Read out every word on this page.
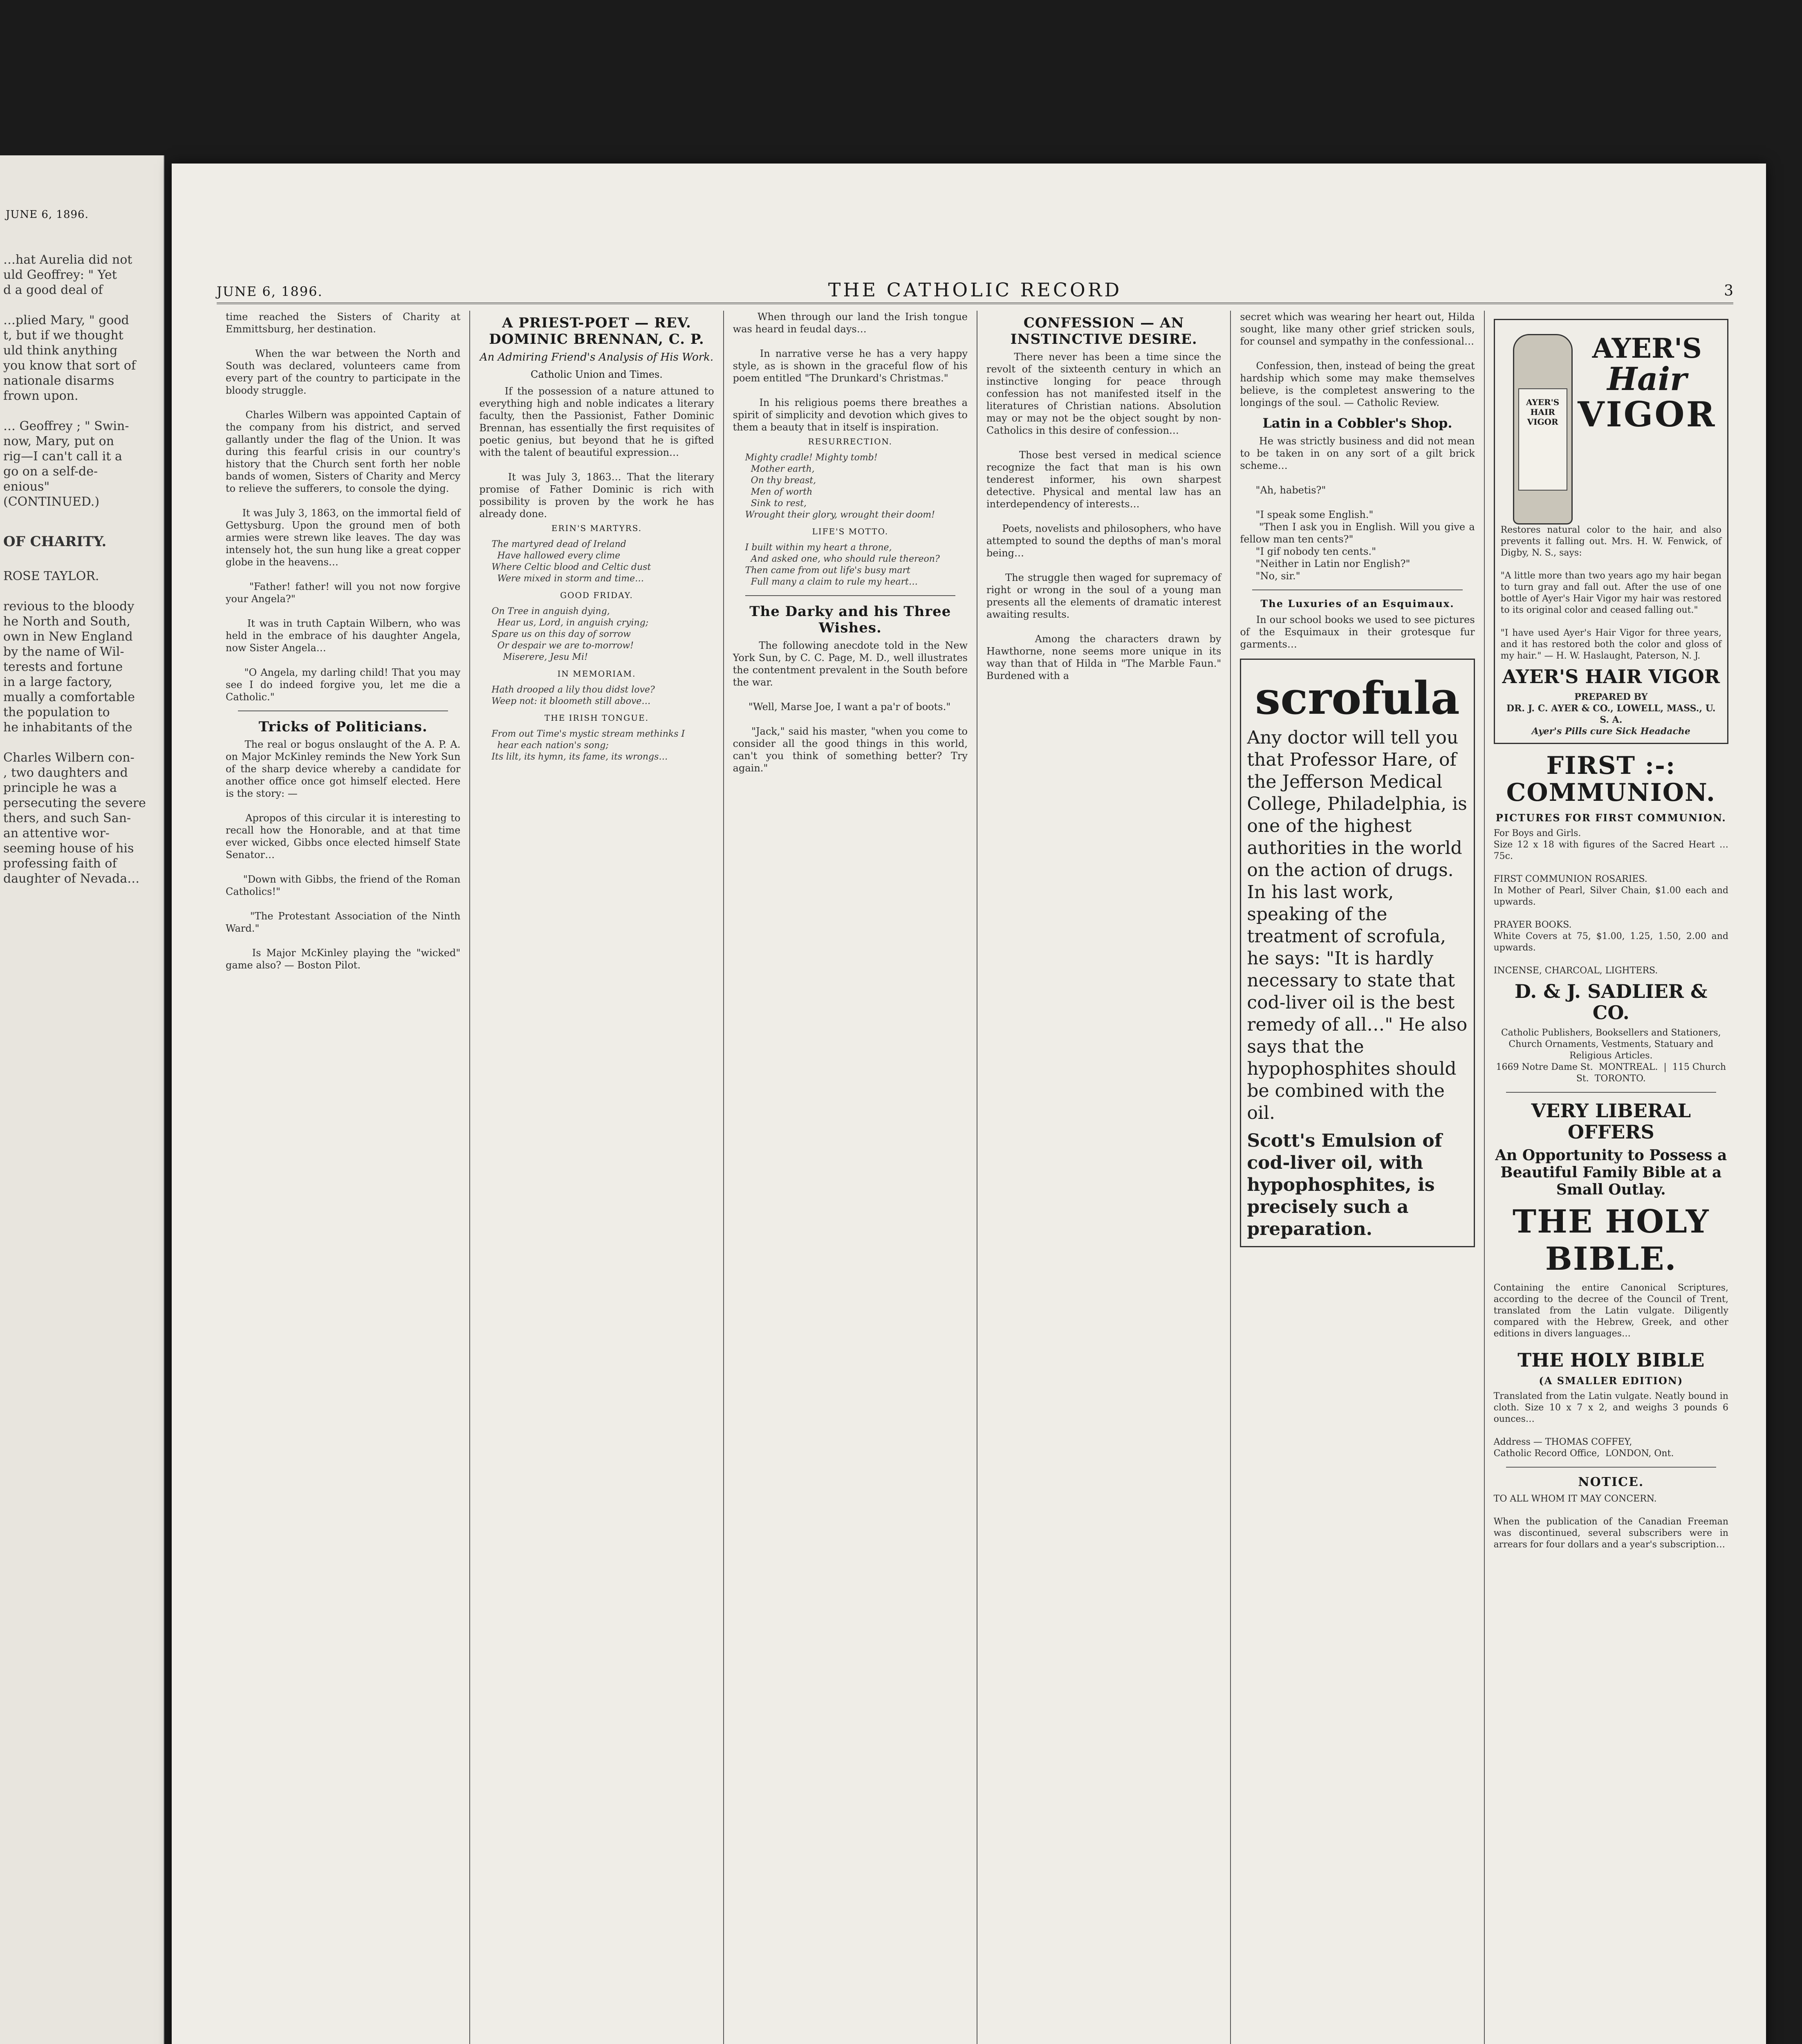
JUNE 6, 1896.

…hat Aurelia did not
uld Geoffrey: " Yet
d a good deal of

…plied Mary, " good
t, but if we thought
uld think anything
you know that sort of
nationale disarms
frown upon.

… Geoffrey ; " Swin-
now, Mary, put on
rig—I can't call it a
go on a self-de-
enious"
(CONTINUED.)

OF CHARITY.

ROSE TAYLOR.

revious to the bloody
he North and South,
own in New England
by the name of Wil-
terests and fortune
in a large factory,
mually a comfortable
the population to
he inhabitants of the

Charles Wilbern con-
, two daughters and
principle he was a
persecuting the severe
thers, and such San-
an attentive wor-
seeming house of his
professing faith of
daughter of Nevada…

JUNE 6, 1896.	THE CATHOLIC RECORD	3
time reached the Sisters of Charity at Emmittsburg, her destination.

When the war between the North and South was declared, volunteers came from every part of the country to participate in the bloody struggle.

Charles Wilbern was appointed Captain of the company from his district, and served gallantly under the flag of the Union. It was during this fearful crisis in our country's history that the Church sent forth her noble bands of women, Sisters of Charity and Mercy to relieve the sufferers, to console the dying.

It was July 3, 1863, on the immortal field of Gettysburg. Upon the ground men of both armies were strewn like leaves. The day was intensely hot, the sun hung like a great copper globe in the heavens…

"Father! father! will you not now forgive your Angela?"

It was in truth Captain Wilbern, who was held in the embrace of his daughter Angela, now Sister Angela…

"O Angela, my darling child! That you may see I do indeed forgive you, let me die a Catholic."
Tricks of Politicians.
The real or bogus onslaught of the A. P. A. on Major McKinley reminds the New York Sun of the sharp device whereby a candidate for another office once got himself elected. Here is the story: —

Apropos of this circular it is interesting to recall how the Honorable, and at that time ever wicked, Gibbs once elected himself State Senator…

"Down with Gibbs, the friend of the Roman Catholics!"

"The Protestant Association of the Ninth Ward."

Is Major McKinley playing the "wicked" game also? — Boston Pilot.
A PRIEST-POET — REV. DOMINIC BRENNAN, C. P.
An Admiring Friend's Analysis of His Work.
Catholic Union and Times.
If the possession of a nature attuned to everything high and noble indicates a literary faculty, then the Passionist, Father Dominic Brennan, has essentially the first requisites of poetic genius, but beyond that he is gifted with the talent of beautiful expression…

It was July 3, 1863… That the literary promise of Father Dominic is rich with possibility is proven by the work he has already done.
ERIN'S MARTYRS.
The martyred dead of Ireland
Have hallowed every clime
Where Celtic blood and Celtic dust
Were mixed in storm and time…
GOOD FRIDAY.
On Tree in anguish dying,
Hear us, Lord, in anguish crying;
Spare us on this day of sorrow
Or despair we are to-morrow!
Miserere, Jesu Mi!
IN MEMORIAM.
Hath drooped a lily thou didst love?
Weep not: it bloometh still above…
THE IRISH TONGUE.
From out Time's mystic stream methinks I
hear each nation's song;
Its lilt, its hymn, its fame, its wrongs…
When through our land the Irish tongue was heard in feudal days…

In narrative verse he has a very happy style, as is shown in the graceful flow of his poem entitled "The Drunkard's Christmas."

In his religious poems there breathes a spirit of simplicity and devotion which gives to them a beauty that in itself is inspiration.
RESURRECTION.
Mighty cradle! Mighty tomb!
Mother earth,
On thy breast,
Men of worth
Sink to rest,
Wrought their glory, wrought their doom!
LIFE'S MOTTO.
I built within my heart a throne,
And asked one, who should rule thereon?
Then came from out life's busy mart
Full many a claim to rule my heart…
The Darky and his Three Wishes.
The following anecdote told in the New York Sun, by C. C. Page, M. D., well illustrates the contentment prevalent in the South before the war.

"Well, Marse Joe, I want a pa'r of boots."

"Jack," said his master, "when you come to consider all the good things in this world, can't you think of something better? Try again."
CONFESSION — AN INSTINCTIVE DESIRE.
There never has been a time since the revolt of the sixteenth century in which an instinctive longing for peace through confession has not manifested itself in the literatures of Christian nations. Absolution may or may not be the object sought by non-Catholics in this desire of confession…

Those best versed in medical science recognize the fact that man is his own tenderest informer, his own sharpest detective. Physical and mental law has an interdependency of interests…

Poets, novelists and philosophers, who have attempted to sound the depths of man's moral being…

The struggle then waged for supremacy of right or wrong in the soul of a young man presents all the elements of dramatic interest awaiting results.

Among the characters drawn by Hawthorne, none seems more unique in its way than that of Hilda in "The Marble Faun." Burdened with a
secret which was wearing her heart out, Hilda sought, like many other grief stricken souls, for counsel and sympathy in the confessional…

Confession, then, instead of being the great hardship which some may make themselves believe, is the completest answering to the longings of the soul. — Catholic Review.
Latin in a Cobbler's Shop.
He was strictly business and did not mean to be taken in on any sort of a gilt brick scheme…

"Ah, habetis?"

"I speak some English."
"Then I ask you in English. Will you give a fellow man ten cents?"
"I gif nobody ten cents."
"Neither in Latin nor English?"
"No, sir."
The Luxuries of an Esquimaux.
In our school books we used to see pictures of the Esquimaux in their grotesque fur garments…
scrofula
Any doctor will tell you that Professor Hare, of the Jefferson Medical College, Philadelphia, is one of the highest authorities in the world on the action of drugs. In his last work, speaking of the treatment of scrofula, he says: "It is hardly necessary to state that cod-liver oil is the best remedy of all…" He also says that the hypophosphites should be combined with the oil.
Scott's Emulsion of cod-liver oil, with hypophosphites, is precisely such a preparation.
AYER'S HAIR VIGOR
AYER'S
Hair
VIGOR
Restores natural color to the hair, and also prevents it falling out. Mrs. H. W. Fenwick, of Digby, N. S., says:

"A little more than two years ago my hair began to turn gray and fall out. After the use of one bottle of Ayer's Hair Vigor my hair was restored to its original color and ceased falling out."

"I have used Ayer's Hair Vigor for three years, and it has restored both the color and gloss of my hair." — H. W. Haslaught, Paterson, N. J.
AYER'S HAIR VIGOR
PREPARED BY
DR. J. C. AYER & CO., LOWELL, MASS., U. S. A.
Ayer's Pills cure Sick Headache
FIRST :-: COMMUNION.
PICTURES FOR FIRST COMMUNION.
For Boys and Girls.
Size 12 x 18 with figures of the Sacred Heart … 75c.

FIRST COMMUNION ROSARIES.
In Mother of Pearl, Silver Chain, $1.00 each and upwards.

PRAYER BOOKS.
White Covers at 75, $1.00, 1.25, 1.50, 2.00 and upwards.

INCENSE, CHARCOAL, LIGHTERS.
D. & J. SADLIER & CO.
Catholic Publishers, Booksellers and Stationers, Church Ornaments, Vestments, Statuary and Religious Articles.
1669 Notre Dame St.  MONTREAL.  |  115 Church St.  TORONTO.
VERY LIBERAL OFFERS
An Opportunity to Possess a Beautiful Family Bible at a Small Outlay.
THE HOLY BIBLE.
Containing the entire Canonical Scriptures, according to the decree of the Council of Trent, translated from the Latin vulgate. Diligently compared with the Hebrew, Greek, and other editions in divers languages…
THE HOLY BIBLE
(A SMALLER EDITION)
Translated from the Latin vulgate. Neatly bound in cloth. Size 10 x 7 x 2, and weighs 3 pounds 6 ounces…

Address — THOMAS COFFEY,
Catholic Record Office,  LONDON, Ont.
NOTICE.
TO ALL WHOM IT MAY CONCERN.

When the publication of the Canadian Freeman was discontinued, several subscribers were in arrears for four dollars and a year's subscription…
